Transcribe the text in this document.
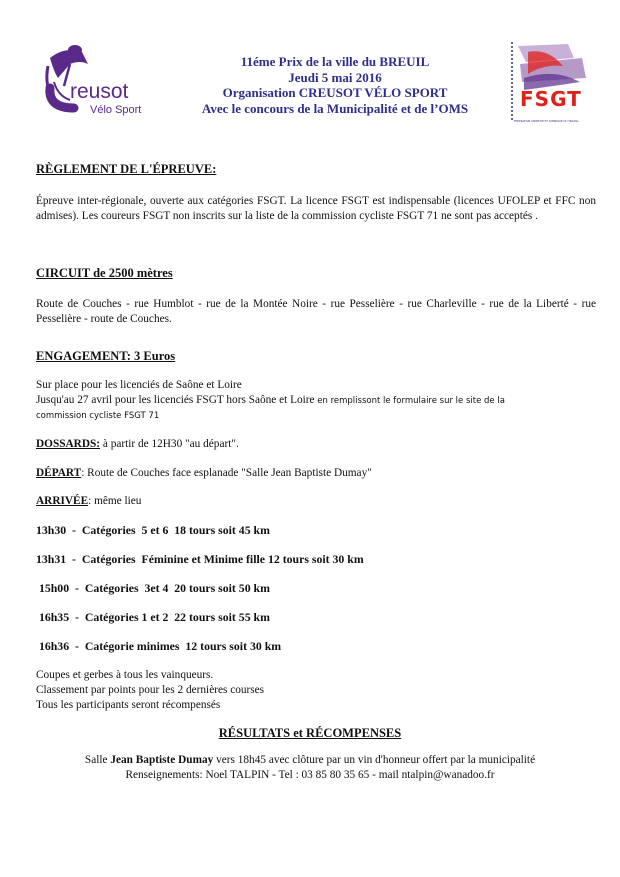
reusot
Vélo Sport
11éme Prix de la ville du BREUIL
Jeudi 5 mai 2016
Organisation CREUSOT VÉLO SPORT
Avec le concours de la Municipalité et de l’OMS	FSGT
FÉDÉRATION SPORTIVE ET GYMNIQUE DU TRAVAIL
RÈGLEMENT DE L'ÉPREUVE:
Épreuve inter-régionale, ouverte aux catégories FSGT. La licence FSGT est indispensable (licences UFOLEP et FFC non admises). Les coureurs FSGT non inscrits sur la liste de la commission cycliste FSGT 71 ne sont pas acceptés .
CIRCUIT de 2500 mètres
Route de Couches - rue Humblot - rue de la Montée Noire - rue Pesselière - rue Charleville - rue de la Liberté - rue Pesselière - route de Couches.
ENGAGEMENT: 3 Euros
Sur place pour les licenciés de Saône et Loire
Jusqu'au 27 avril pour les licenciés FSGT hors Saône et Loire en remplissont le formulaire sur le site de la
commission cycliste FSGT 71
DOSSARDS: à partir de 12H30 "au départ".
DÉPART: Route de Couches face esplanade "Salle Jean Baptiste Dumay"
ARRIVÉE: même lieu
13h30  -  Catégories  5 et 6  18 tours soit 45 km
13h31  -  Catégories  Féminine et Minime fille 12 tours soit 30 km
15h00  -  Catégories  3et 4  20 tours soit 50 km
16h35  -  Catégories 1 et 2  22 tours soit 55 km
16h36  -  Catégorie minimes  12 tours soit 30 km
Coupes et gerbes à tous les vainqueurs.
Classement par points pour les 2 dernières courses
Tous les participants seront récompensés
RÉSULTATS et RÉCOMPENSES
Salle Jean Baptiste Dumay vers 18h45 avec clôture par un vin d'honneur offert par la municipalité
Renseignements: Noel TALPIN - Tel : 03 85 80 35 65 - mail ntalpin@wanadoo.fr
